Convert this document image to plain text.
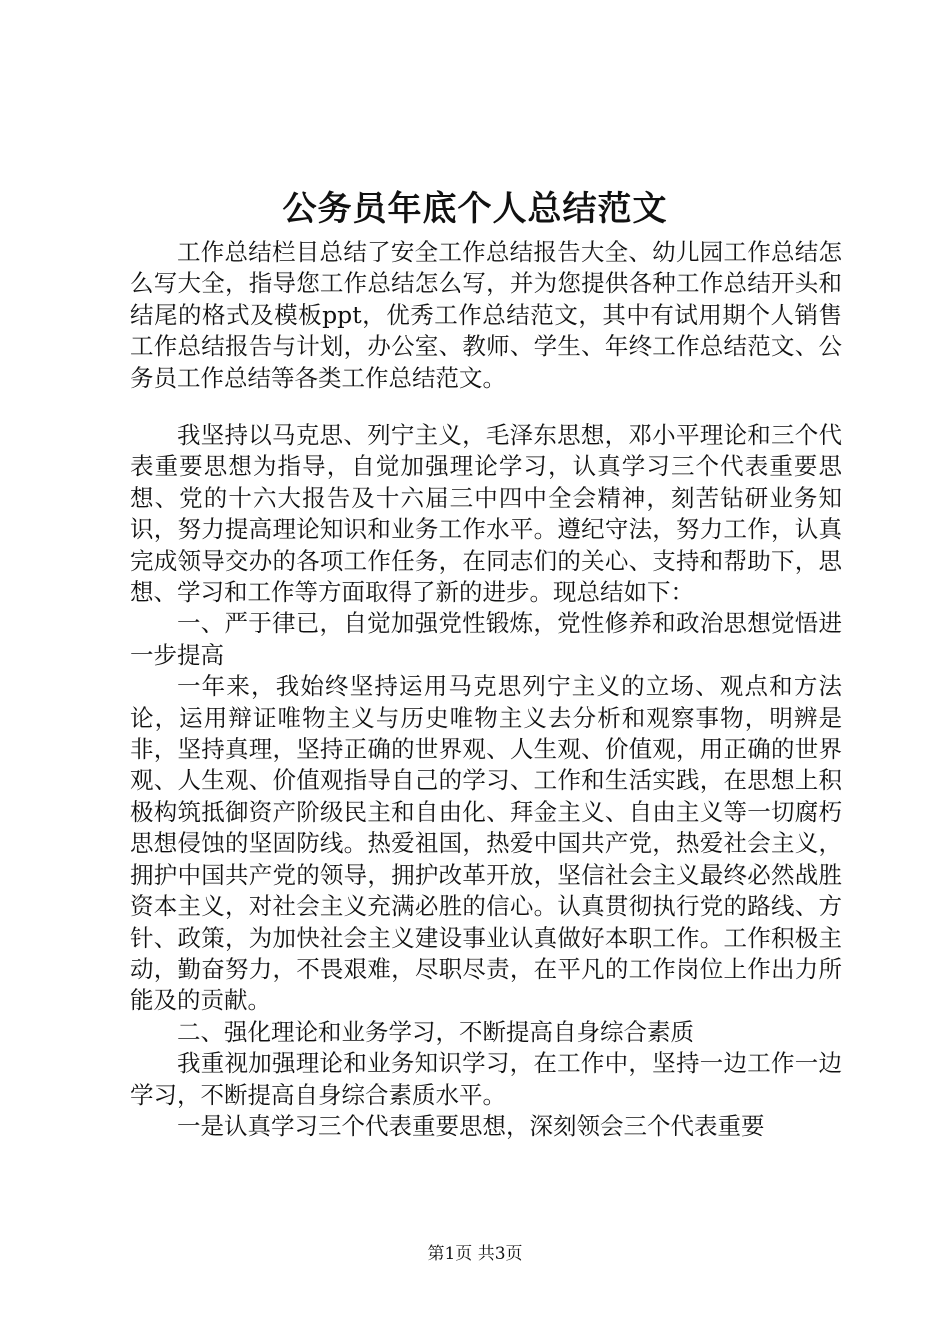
公务员年底个人总结范文

工作总结栏目总结了安全工作总结报告大全、幼儿园工作总结怎么写大全，指导您工作总结怎么写，并为您提供各种工作总结开头和结尾的格式及模板ppt，优秀工作总结范文，其中有试用期个人销售工作总结报告与计划，办公室、教师、学生、年终工作总结范文、公务员工作总结等各类工作总结范文。

我坚持以马克思、列宁主义，毛泽东思想，邓小平理论和三个代表重要思想为指导，自觉加强理论学习，认真学习三个代表重要思想、党的十六大报告及十六届三中四中全会精神，刻苦钻研业务知识，努力提高理论知识和业务工作水平。遵纪守法，努力工作，认真完成领导交办的各项工作任务，在同志们的关心、支持和帮助下，思想、学习和工作等方面取得了新的进步。现总结如下：

一、严于律已，自觉加强党性锻炼，党性修养和政治思想觉悟进一步提高

一年来，我始终坚持运用马克思列宁主义的立场、观点和方法论，运用辩证唯物主义与历史唯物主义去分析和观察事物，明辨是非，坚持真理，坚持正确的世界观、人生观、价值观，用正确的世界观、人生观、价值观指导自己的学习、工作和生活实践，在思想上积极构筑抵御资产阶级民主和自由化、拜金主义、自由主义等一切腐朽思想侵蚀的坚固防线。热爱祖国，热爱中国共产党，热爱社会主义，拥护中国共产党的领导，拥护改革开放，坚信社会主义最终必然战胜资本主义，对社会主义充满必胜的信心。认真贯彻执行党的路线、方针、政策，为加快社会主义建设事业认真做好本职工作。工作积极主动，勤奋努力，不畏艰难，尽职尽责，在平凡的工作岗位上作出力所能及的贡献。

二、强化理论和业务学习，不断提高自身综合素质

我重视加强理论和业务知识学习，在工作中，坚持一边工作一边学习，不断提高自身综合素质水平。

一是认真学习三个代表重要思想，深刻领会三个代表重要

第1页 共3页
